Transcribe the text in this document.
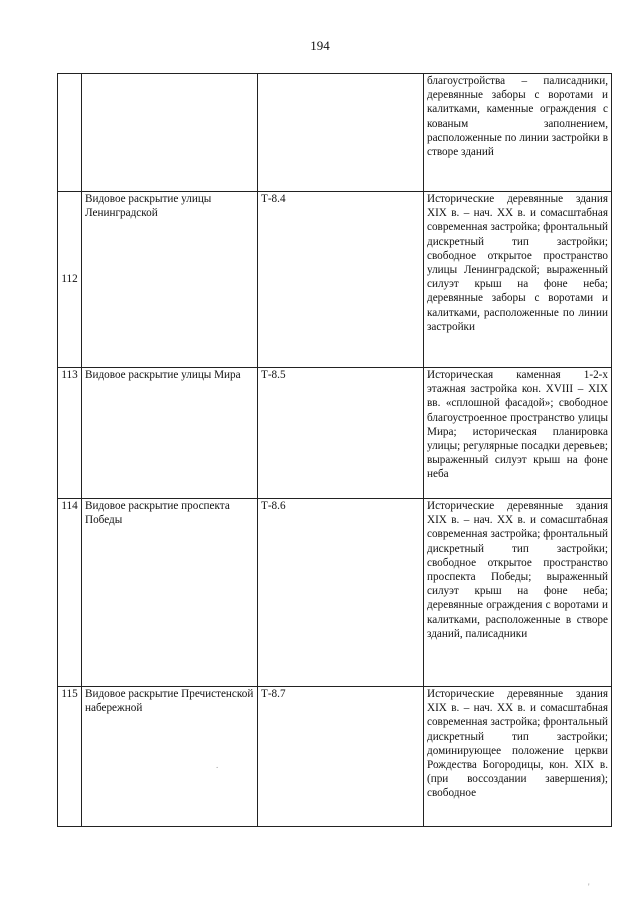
194
			благоустройства – палисадники, деревянные заборы с воротами и калитками, каменные ограждения с кованым заполнением, расположенные по линии застройки в створе зданий
112	Видовое раскрытие улицы Ленинградской	Т-8.4	Исторические деревянные здания XIX в. – нач. XX в. и сомасштабная современная застройка; фронтальный дискретный тип застройки; свободное открытое пространство улицы Ленинградской; выраженный силуэт крыш на фоне неба; деревянные заборы с воротами и калитками, расположенные по линии застройки
113	Видовое раскрытие улицы Мира	Т-8.5	Историческая каменная 1-2-х этажная застройка кон. XVIII – XIX вв. «сплошной фасадой»; свободное благоустроенное пространство улицы Мира; историческая планировка улицы; регулярные посадки деревьев; выраженный силуэт крыш на фоне неба
114	Видовое раскрытие проспекта Победы	Т-8.6	Исторические деревянные здания XIX в. – нач. XX в. и сомасштабная современная застройка; фронтальный дискретный тип застройки; свободное открытое пространство проспекта Победы; выраженный силуэт крыш на фоне неба; деревянные ограждения с воротами и калитками, расположенные в створе зданий, палисадники
115	Видовое раскрытие Пречистенской набережной	Т-8.7	Исторические деревянные здания XIX в. – нач. XX в. и сомасштабная современная застройка; фронтальный дискретный тип застройки; доминирующее положение церкви Рождества Богородицы, кон. XIX в. (при воссоздании завершения); свободное
.
'
